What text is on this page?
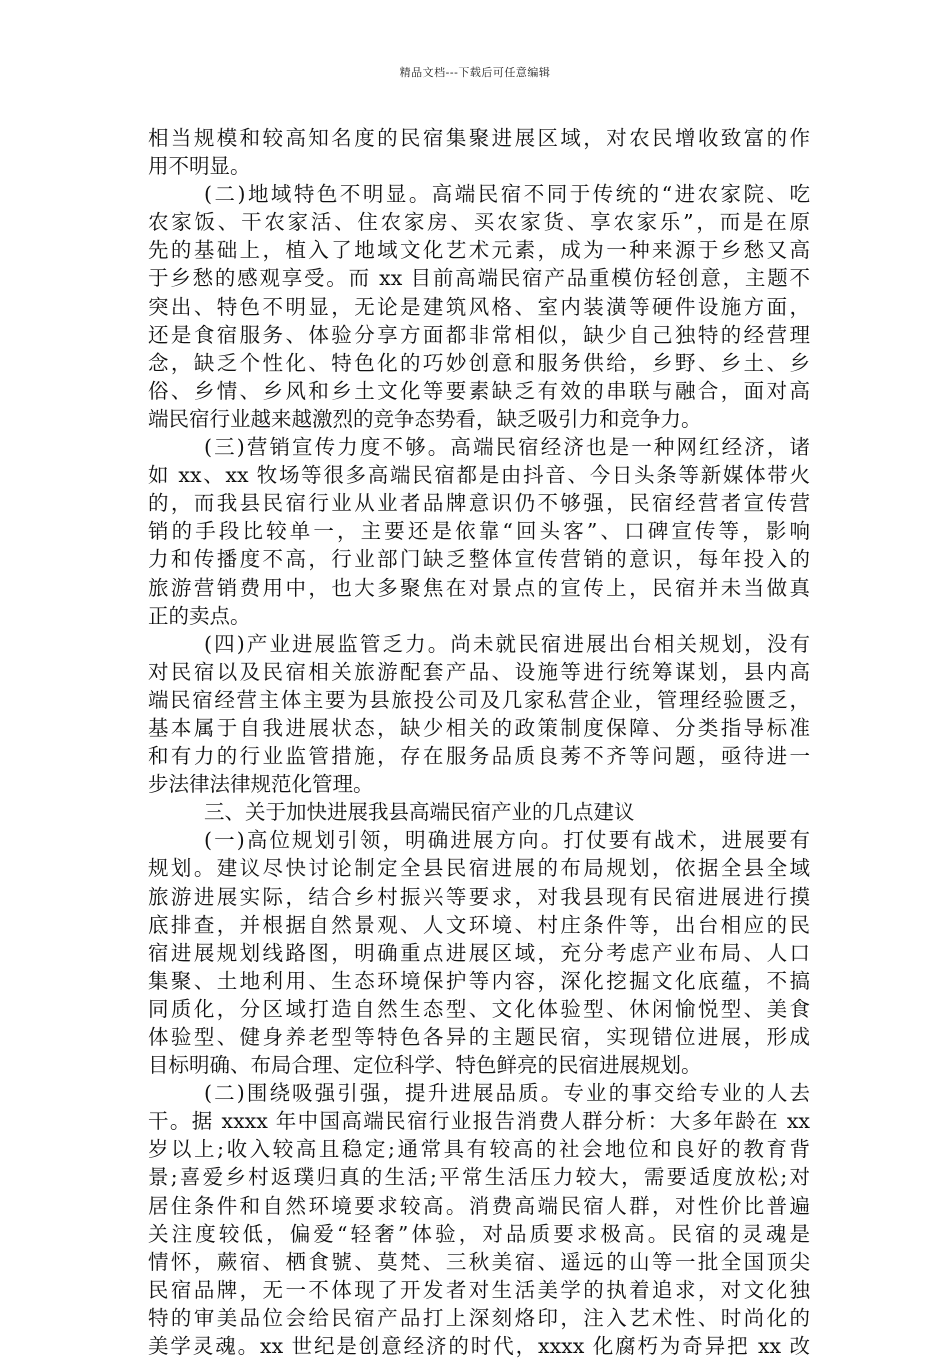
精品文档---下载后可任意编辑
相当规模和较高知名度的民宿集聚进展区域，对农民增收致富的作
用不明显。
(二)地域特色不明显。高端民宿不同于传统的“进农家院、吃
农家饭、干农家活、住农家房、买农家货、享农家乐”，而是在原
先的基础上，植入了地域文化艺术元素，成为一种来源于乡愁又高
于乡愁的感观享受。而 xx 目前高端民宿产品重模仿轻创意，主题不
突出、特色不明显，无论是建筑风格、室内装潢等硬件设施方面，
还是食宿服务、体验分享方面都非常相似，缺少自己独特的经营理
念，缺乏个性化、特色化的巧妙创意和服务供给，乡野、乡土、乡
俗、乡情、乡风和乡土文化等要素缺乏有效的串联与融合，面对高
端民宿行业越来越激烈的竞争态势看，缺乏吸引力和竞争力。
(三)营销宣传力度不够。高端民宿经济也是一种网红经济，诸
如 xx、xx 牧场等很多高端民宿都是由抖音、今日头条等新媒体带火
的，而我县民宿行业从业者品牌意识仍不够强，民宿经营者宣传营
销的手段比较单一，主要还是依靠“回头客”、口碑宣传等，影响
力和传播度不高，行业部门缺乏整体宣传营销的意识，每年投入的
旅游营销费用中，也大多聚焦在对景点的宣传上，民宿并未当做真
正的卖点。
(四)产业进展监管乏力。尚未就民宿进展出台相关规划，没有
对民宿以及民宿相关旅游配套产品、设施等进行统筹谋划，县内高
端民宿经营主体主要为县旅投公司及几家私营企业，管理经验匮乏，
基本属于自我进展状态，缺少相关的政策制度保障、分类指导标准
和有力的行业监管措施，存在服务品质良莠不齐等问题，亟待进一
步法律法律规范化管理。
三、关于加快进展我县高端民宿产业的几点建议
(一)高位规划引领，明确进展方向。打仗要有战术，进展要有
规划。建议尽快讨论制定全县民宿进展的布局规划，依据全县全域
旅游进展实际，结合乡村振兴等要求，对我县现有民宿进展进行摸
底排查，并根据自然景观、人文环境、村庄条件等，出台相应的民
宿进展规划线路图，明确重点进展区域，充分考虑产业布局、人口
集聚、土地利用、生态环境保护等内容，深化挖掘文化底蕴，不搞
同质化，分区域打造自然生态型、文化体验型、休闲愉悦型、美食
体验型、健身养老型等特色各异的主题民宿，实现错位进展，形成
目标明确、布局合理、定位科学、特色鲜亮的民宿进展规划。
(二)围绕吸强引强，提升进展品质。专业的事交给专业的人去
干。据 xxxx 年中国高端民宿行业报告消费人群分析：大多年龄在 xx
岁以上;收入较高且稳定;通常具有较高的社会地位和良好的教育背
景;喜爱乡村返璞归真的生活;平常生活压力较大，需要适度放松;对
居住条件和自然环境要求较高。消费高端民宿人群，对性价比普遍
关注度较低，偏爱“轻奢”体验，对品质要求极高。民宿的灵魂是
情怀，蕨宿、栖食號、莫梵、三秋美宿、遥远的山等一批全国顶尖
民宿品牌，无一不体现了开发者对生活美学的执着追求，对文化独
特的审美品位会给民宿产品打上深刻烙印，注入艺术性、时尚化的
美学灵魂。xx 世纪是创意经济的时代，xxxx 化腐朽为奇异把 xx 改
